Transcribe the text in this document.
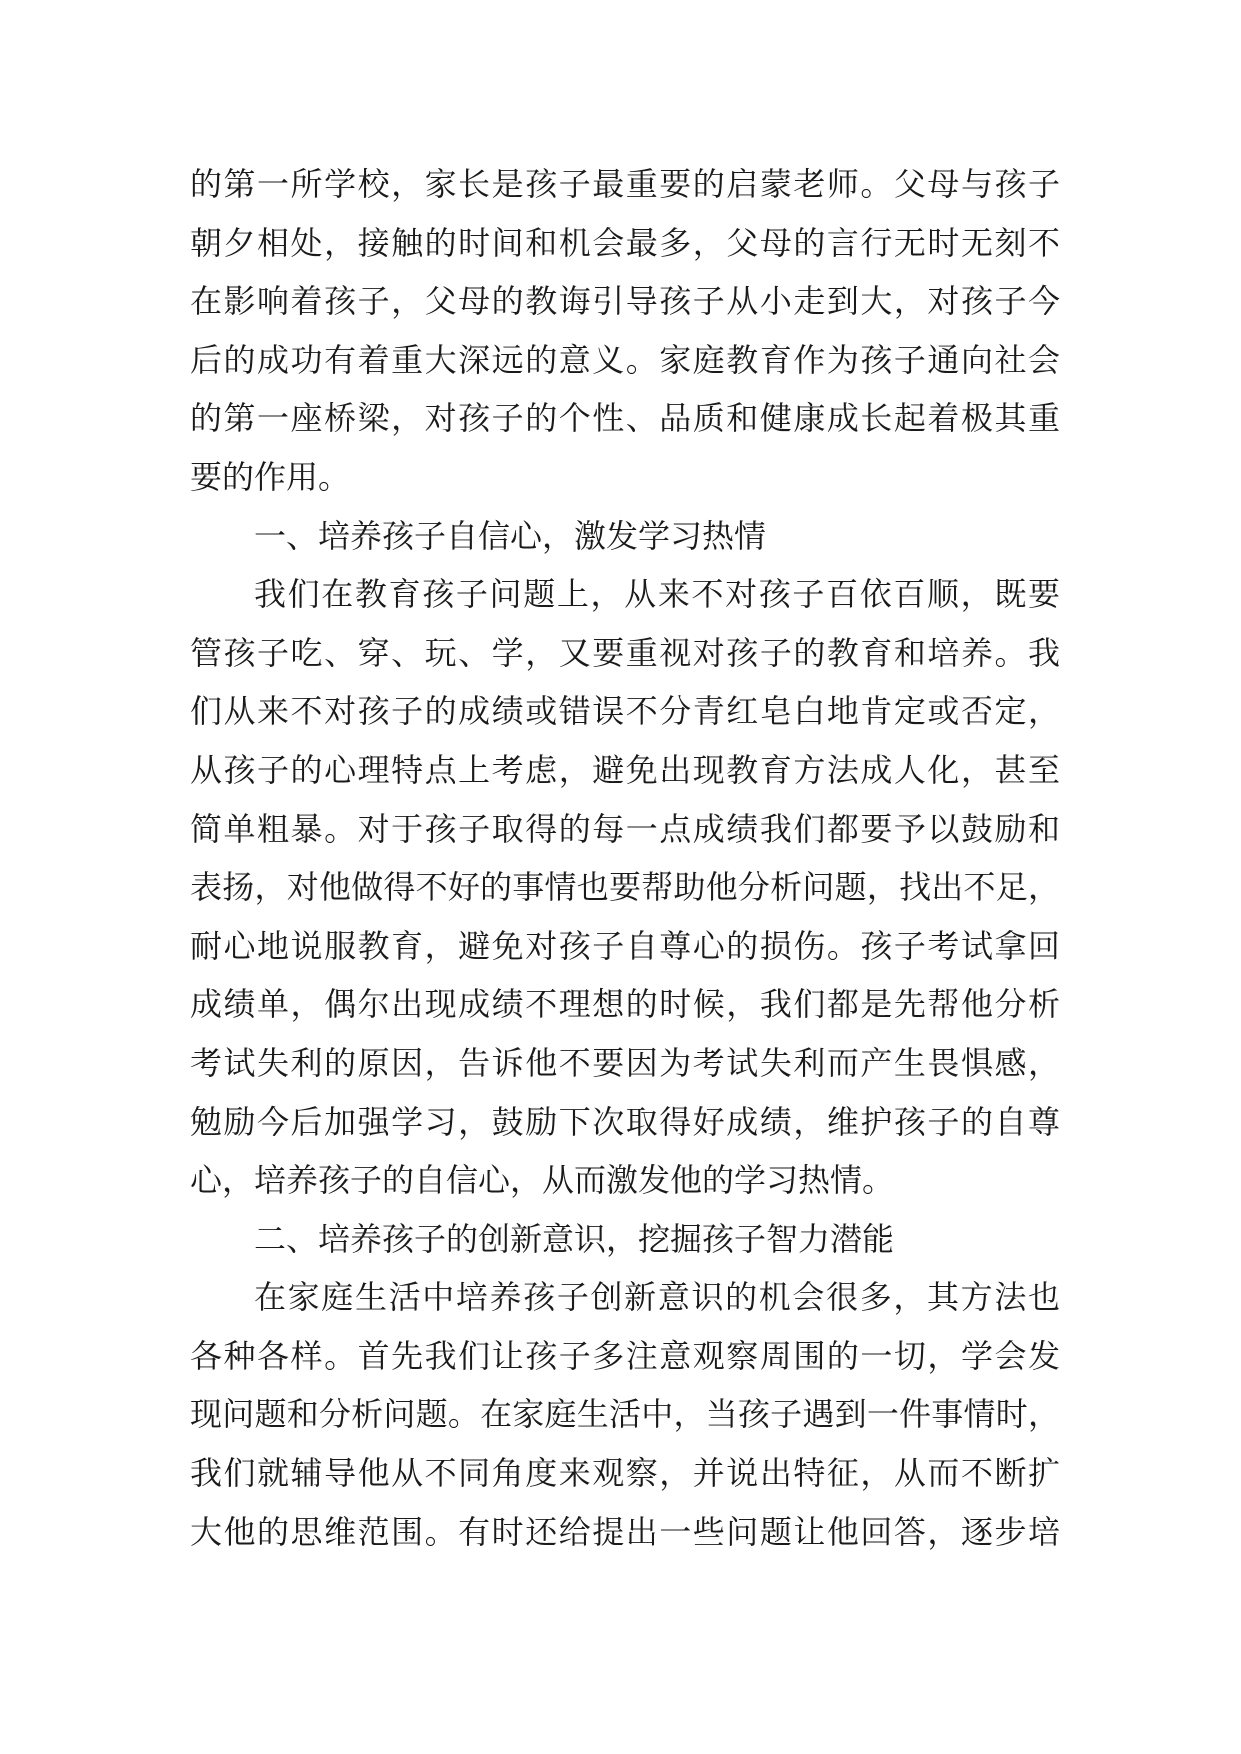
的第一所学校，家长是孩子最重要的启蒙老师。父母与孩子
朝夕相处，接触的时间和机会最多，父母的言行无时无刻不
在影响着孩子，父母的教诲引导孩子从小走到大，对孩子今
后的成功有着重大深远的意义。家庭教育作为孩子通向社会
的第一座桥梁，对孩子的个性、品质和健康成长起着极其重
要的作用。
一、培养孩子自信心，激发学习热情
我们在教育孩子问题上，从来不对孩子百依百顺，既要
管孩子吃、穿、玩、学，又要重视对孩子的教育和培养。我
们从来不对孩子的成绩或错误不分青红皂白地肯定或否定，
从孩子的心理特点上考虑，避免出现教育方法成人化，甚至
简单粗暴。对于孩子取得的每一点成绩我们都要予以鼓励和
表扬，对他做得不好的事情也要帮助他分析问题，找出不足，
耐心地说服教育，避免对孩子自尊心的损伤。孩子考试拿回
成绩单，偶尔出现成绩不理想的时候，我们都是先帮他分析
考试失利的原因，告诉他不要因为考试失利而产生畏惧感，
勉励今后加强学习，鼓励下次取得好成绩，维护孩子的自尊
心，培养孩子的自信心，从而激发他的学习热情。
二、培养孩子的创新意识，挖掘孩子智力潜能
在家庭生活中培养孩子创新意识的机会很多，其方法也
各种各样。首先我们让孩子多注意观察周围的一切，学会发
现问题和分析问题。在家庭生活中，当孩子遇到一件事情时，
我们就辅导他从不同角度来观察，并说出特征，从而不断扩
大他的思维范围。有时还给提出一些问题让他回答，逐步培
